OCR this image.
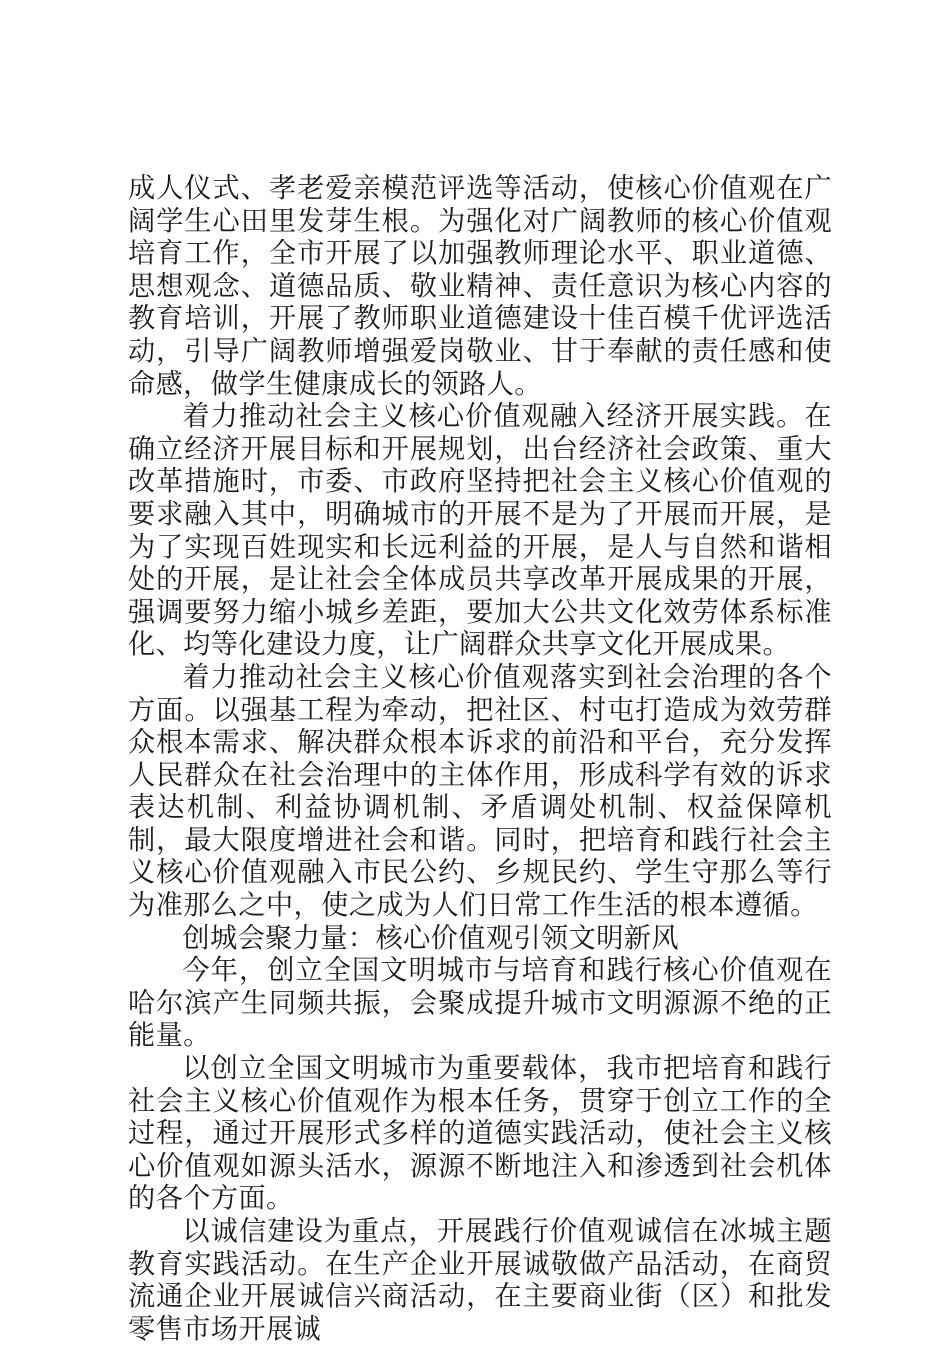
成人仪式、孝老爱亲模范评选等活动，使核心价值观在广阔学生心田里发芽生根。为强化对广阔教师的核心价值观培育工作，全市开展了以加强教师理论水平、职业道德、思想观念、道德品质、敬业精神、责任意识为核心内容的教育培训，开展了教师职业道德建设十佳百模千优评选活动，引导广阔教师增强爱岗敬业、甘于奉献的责任感和使命感，做学生健康成长的领路人。

着力推动社会主义核心价值观融入经济开展实践。在确立经济开展目标和开展规划，出台经济社会政策、重大改革措施时，市委、市政府坚持把社会主义核心价值观的要求融入其中，明确城市的开展不是为了开展而开展，是为了实现百姓现实和长远利益的开展，是人与自然和谐相处的开展，是让社会全体成员共享改革开展成果的开展，强调要努力缩小城乡差距，要加大公共文化效劳体系标准化、均等化建设力度，让广阔群众共享文化开展成果。

着力推动社会主义核心价值观落实到社会治理的各个方面。以强基工程为牵动，把社区、村屯打造成为效劳群众根本需求、解决群众根本诉求的前沿和平台，充分发挥人民群众在社会治理中的主体作用，形成科学有效的诉求表达机制、利益协调机制、矛盾调处机制、权益保障机制，最大限度增进社会和谐。同时，把培育和践行社会主义核心价值观融入市民公约、乡规民约、学生守那么等行为准那么之中，使之成为人们日常工作生活的根本遵循。

创城会聚力量：核心价值观引领文明新风

今年，创立全国文明城市与培育和践行核心价值观在哈尔滨产生同频共振，会聚成提升城市文明源源不绝的正能量。

以创立全国文明城市为重要载体，我市把培育和践行社会主义核心价值观作为根本任务，贯穿于创立工作的全过程，通过开展形式多样的道德实践活动，使社会主义核心价值观如源头活水，源源不断地注入和渗透到社会机体的各个方面。

以诚信建设为重点，开展践行价值观诚信在冰城主题教育实践活动。在生产企业开展诚敬做产品活动，在商贸流通企业开展诚信兴商活动，在主要商业街（区）和批发零售市场开展诚
